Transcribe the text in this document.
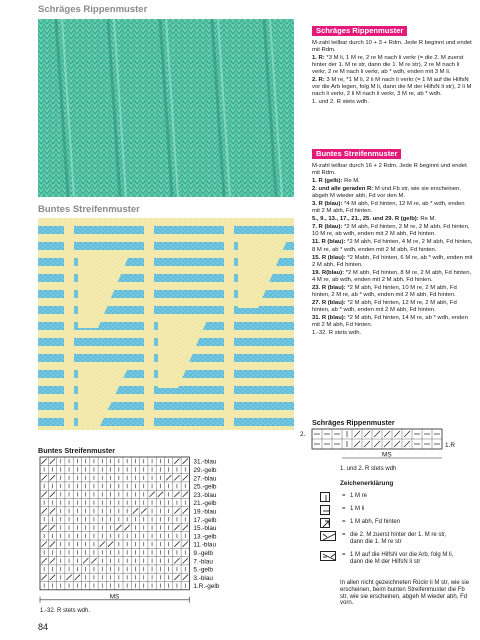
Schräges Rippenmuster
Buntes Streifenmuster
Schräges Rippenmuster

M-zahl teilbar durch 10 + 3 + Rdm. Jede R beginnt und endet mit Rdm.

1. R: *3 M li, 1 M re, 2 re M nach li verkr (= die 2. M zuerst hinter der 1. M re str, dann die 1. M re str), 2 re M nach li verkr, 2 re M nach li verkr, ab * wdh, enden mit 3 M li.

2. R: 3 M re, *1 M li, 2 li M nach li verkr (= 1 M auf die HilfsN vor die Arb legen, folg M li, dann die M der HilfsN li str), 2 li M nach li verkr, 2 li M nach li verkr, 3 M re, ab * wdh.

1. und 2. R stets wdh.

Buntes Streifenmuster

M-zahl teilbar durch 16 + 2 Rdm. Jede R beginnt und endet mit Rdm.

1. R (gelb): Re M.

2. und alle geraden R: M und Fb str, wie sie erscheinen, abgeh M wieder abh, Fd vor den M.

3. R (blau): *4 M abh, Fd hinten, 12 M re, ab * wdh, enden mit 2 M abh, Fd hinten.

5., 9., 13., 17., 21., 25. und 29. R (gelb): Re M.

7. R (blau): *2 M abh, Fd hinten, 2 M re, 2 M abh, Fd hinten, 10 M re, ab wdh, enden mit 2 M abh, Fd hinten.

11. R (blau): *2 M abh, Fd hinten, 4 M re, 2 M abh, Fd hinten, 8 M re, ab * wdh, enden mit 2 M abh, Fd hinten.

15. R (blau): *2 Mabh, Fd hinten, 6 M re, ab * wdh, enden mit 2 M abh, Fd hinten.

19. R(blau): *2 M abh, Fd hinten, 8 M re, 2 M abh, Fd hinten, 4 M re, ab wdh, enden mit 2 M abh, Fd hinten.

23. R (blau): *2 M abh, Fd hinten, 10 M re, 2 M abh, Fd hinten, 2 M re, ab * wdh, enden mit 2 M abh, Fd hinten.

27. R (blau): *2 M abh, Fd hinten, 12 M re, 2 M abh, Fd hinten, ab * wdh, enden mit 2 M abh, Fd hinten.

31. R (blau): *2 M abh, Fd hinten, 14 M re, ab * wdh, enden mit 2 M abh, Fd hinten.

1.-32. R stets wdh.

Buntes Streifenmuster
31.-blau
29.-gelb
27.-blau
25.-gelb
23.-blau
21.-gelb
19.-blau
17.-gelb
15.-blau
13.-gelb
11.-blau
9.-gelb
7.-blau
5.-gelb
3.-blau
1.R.-gelb
MS
1.-32. R stets wdh.
Schräges Rippenmuster
2.
1.R
MS
1. und 2. R stets wdh
Zeichenerklärung
= 1 M re
= 1 M li
= 1 M abh, Fd hinten
= die 2. M zuerst hinter der 1. M re str, dann die 1. M re str
= 1 M auf die HilfsN vor die Arb, folg M li, dann die M der HilfsN li str
In allen nicht gezeichneten Rückr li M str, wie sie erscheinen, beim bunten Streifenmuster die Fb str, wie sie erscheinen, abgeh M wieder abh, Fd vorn.
84
